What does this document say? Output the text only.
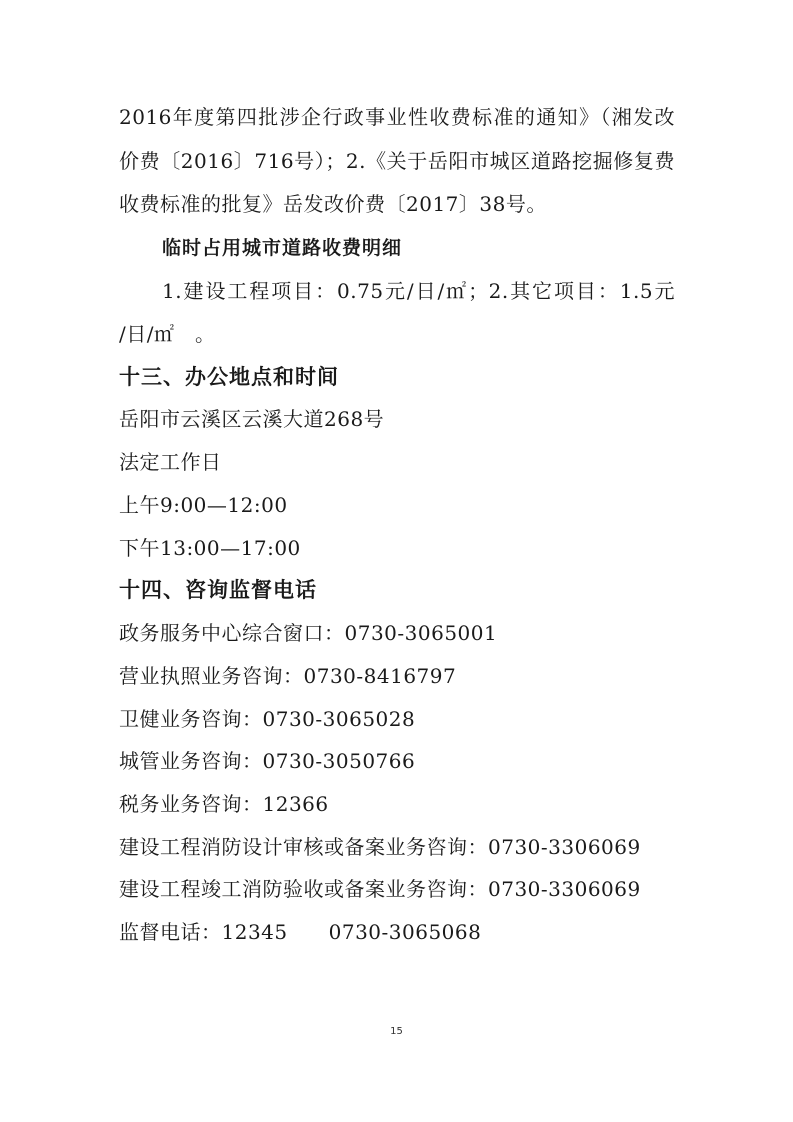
2016年度第四批涉企行政事业性收费标准的通知》（湘发改
价费〔2016〕716号）；2.《关于岳阳市城区道路挖掘修复费
收费标准的批复》岳发改价费〔2017〕38号。
临时占用城市道路收费明细
1.建设工程项目：0.75元/日/㎡；2.其它项目：1.5元
/日/㎡　。
十三、办公地点和时间
岳阳市云溪区云溪大道268号
法定工作日
上午9:00—12:00
下午13:00—17:00
十四、咨询监督电话
政务服务中心综合窗口：0730-3065001
营业执照业务咨询：0730-8416797
卫健业务咨询：0730-3065028
城管业务咨询：0730-3050766
税务业务咨询：12366
建设工程消防设计审核或备案业务咨询：0730-3306069
建设工程竣工消防验收或备案业务咨询：0730-3306069
监督电话：12345　　0730-3065068
15
